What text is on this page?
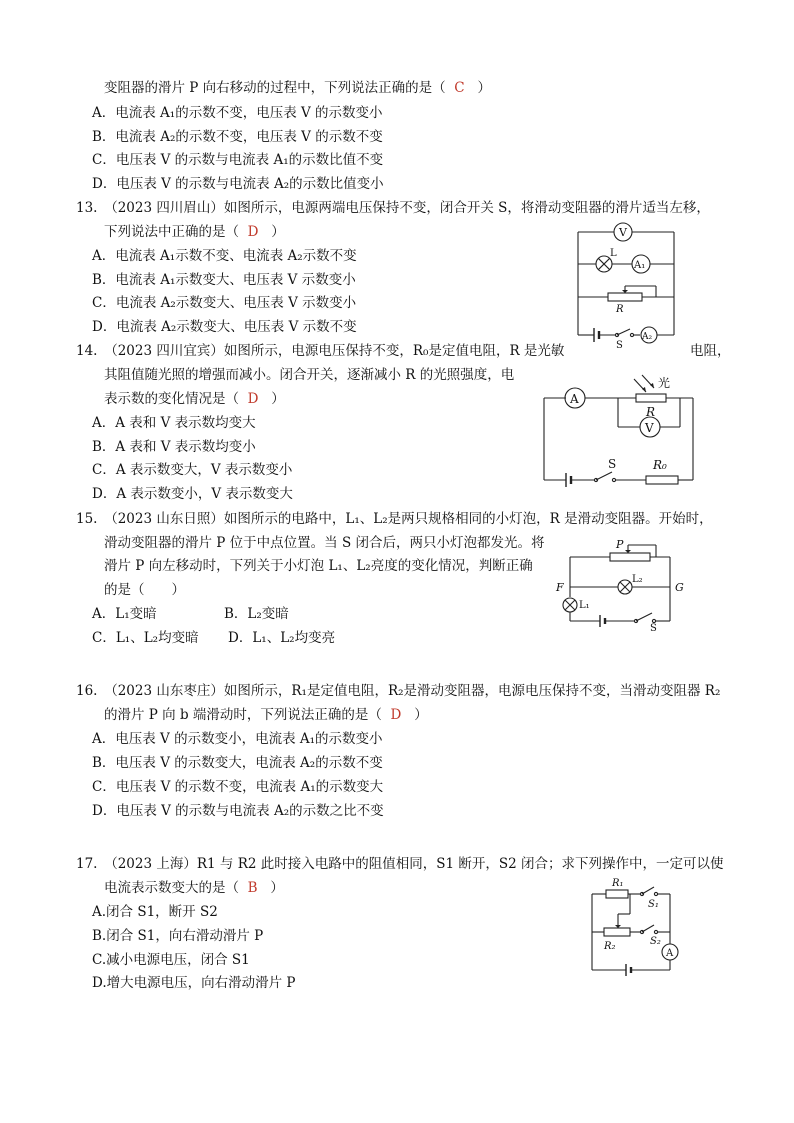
变阻器的滑片 P 向右移动的过程中，下列说法正确的是（ C ）
A．电流表 A₁的示数不变，电压表 V 的示数变小
B．电流表 A₂的示数不变，电压表 V 的示数不变
C．电压表 V 的示数与电流表 A₁的示数比值不变
D．电压表 V 的示数与电流表 A₂的示数比值变小
13.　（2023 四川眉山）如图所示，电源两端电压保持不变，闭合开关 S，将滑动变阻器的滑片适当左移，
下列说法中正确的是（ D ）
A．电流表 A₁示数不变、电流表 A₂示数不变
B．电流表 A₁示数变大、电压表 V 示数变小
C．电流表 A₂示数变大、电压表 V 示数变小
D．电流表 A₂示数变大、电压表 V 示数不变
V
L
A₁
R
S
A₂
14.　（2023 四川宜宾）如图所示，电源电压保持不变，R₀是定值电阻，R 是光敏	电阻，
其阻值随光照的增强而减小。闭合开关，逐渐减小 R 的光照强度，电
表示数的变化情况是（ D ）
A．A 表和 V 表示数均变大
B．A 表和 V 表示数均变小
C．A 表示数变大，V 表示数变小
D．A 表示数变小，V 表示数变大
A
光
R
V
S	R₀
15.　（2023 山东日照）如图所示的电路中，L₁、L₂是两只规格相同的小灯泡，R 是滑动变阻器。开始时，
滑动变阻器的滑片 P 位于中点位置。当 S 闭合后，两只小灯泡都发光。将
滑片 P 向左移动时，下列关于小灯泡 L₁、L₂亮度的变化情况，判断正确
的是（　　）
A．L₁变暗	B．L₂变暗
C．L₁、L₂均变暗 D．L₁、L₂均变亮
P
L₂
F	G
L₁
S
16.　（2023 山东枣庄）如图所示，R₁是定值电阻，R₂是滑动变阻器，电源电压保持不变，当滑动变阻器 R₂
的滑片 P 向 b 端滑动时，下列说法正确的是（ D ）
A．电压表 V 的示数变小，电流表 A₁的示数变小
B．电压表 V 的示数变大，电流表 A₂的示数不变
C．电压表 V 的示数不变，电流表 A₁的示数变大
D．电压表 V 的示数与电流表 A₂的示数之比不变
17.　（2023 上海）R1 与 R2 此时接入电路中的阻值相同，S1 断开，S2 闭合；求下列操作中，一定可以使
电流表示数变大的是（ B ）
A.闭合 S1，断开 S2
B.闭合 S1，向右滑动滑片 P
C.减小电源电压，闭合 S1
D.增大电源电压，向右滑动滑片 P
R₁
S₁
R₂	S₂
A
